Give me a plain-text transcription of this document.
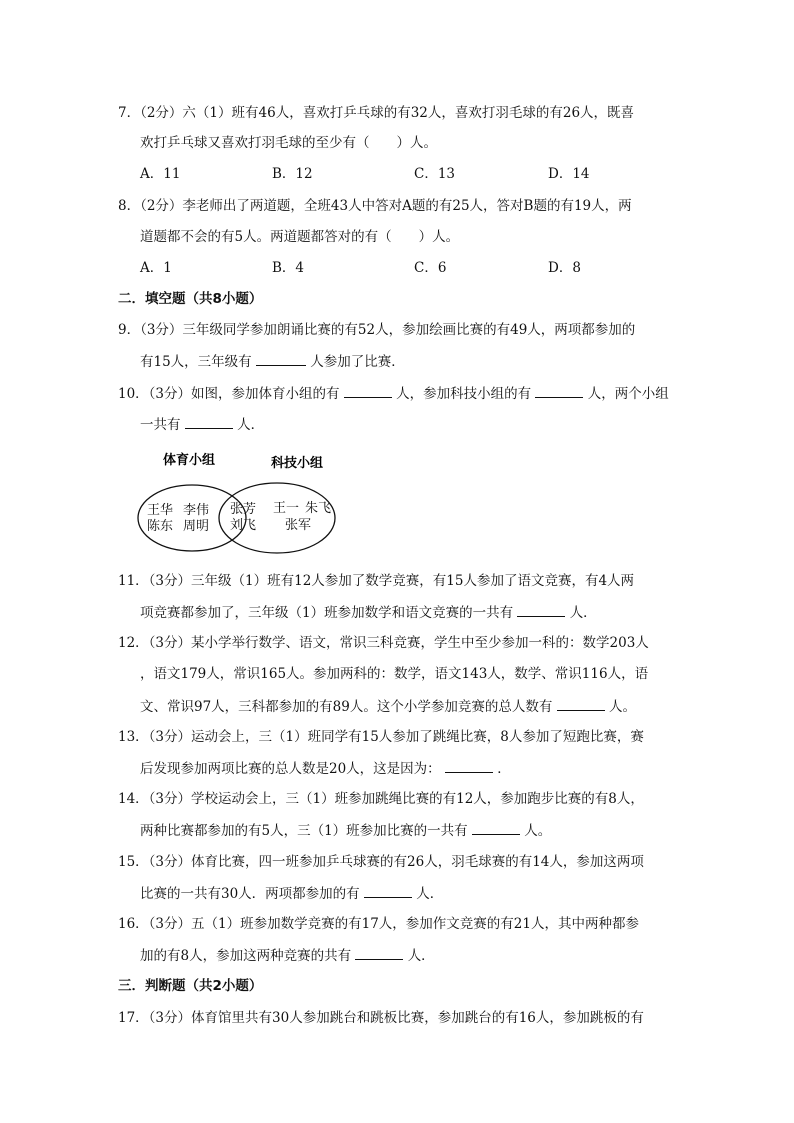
7．（2分）六（1）班有46人，喜欢打乒乓球的有32人，喜欢打羽毛球的有26人，既喜
欢打乒乓球又喜欢打羽毛球的至少有（　　）人。
A．11	B．12	C．13	D．14
8．（2分）李老师出了两道题，全班43人中答对A题的有25人，答对B题的有19人，两
道题都不会的有5人。两道题都答对的有（　　）人。
A．1	B．4	C．6	D．8
二．填空题（共8小题）
9．（3分）三年级同学参加朗诵比赛的有52人，参加绘画比赛的有49人，两项都参加的
有15人，三年级有	人参加了比赛．
10．（3分）如图，参加体育小组的有	人，参加科技小组的有	人，两个小组
一共有	人．
体育小组	科技小组
王华 李伟
陈东 周明
张芳
刘飞
王一 朱飞
张军
11．（3分）三年级（1）班有12人参加了数学竞赛，有15人参加了语文竞赛，有4人两
项竞赛都参加了，三年级（1）班参加数学和语文竞赛的一共有	人．
12．（3分）某小学举行数学、语文，常识三科竞赛，学生中至少参加一科的：数学203人
，语文179人，常识165人。参加两科的：数学，语文143人，数学、常识116人，语
文、常识97人，三科都参加的有89人。这个小学参加竞赛的总人数有	人。
13．（3分）运动会上，三（1）班同学有15人参加了跳绳比赛，8人参加了短跑比赛，赛
后发现参加两项比赛的总人数是20人，这是因为：	．
14．（3分）学校运动会上，三（1）班参加跳绳比赛的有12人，参加跑步比赛的有8人，
两种比赛都参加的有5人，三（1）班参加比赛的一共有	人。
15．（3分）体育比赛，四一班参加乒乓球赛的有26人，羽毛球赛的有14人，参加这两项
比赛的一共有30人．两项都参加的有	人．
16．（3分）五（1）班参加数学竞赛的有17人，参加作文竞赛的有21人，其中两种都参
加的有8人，参加这两种竞赛的共有	人．
三．判断题（共2小题）
17．（3分）体育馆里共有30人参加跳台和跳板比赛，参加跳台的有16人，参加跳板的有
